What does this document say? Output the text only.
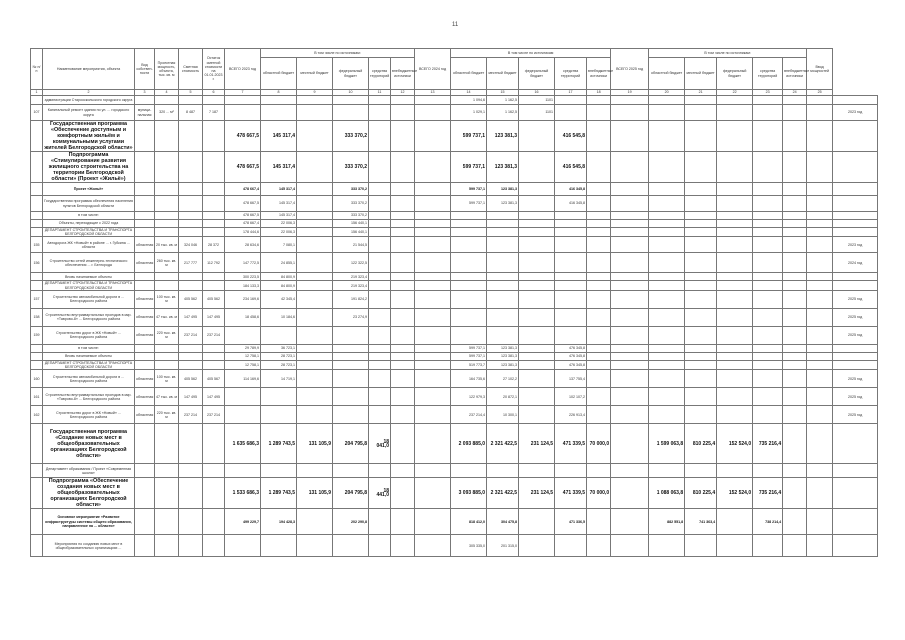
11
№ п/п	Наименование мероприятия, объекта	Вид собствен- ности	Проектная мощность, объекта, тыс. кв. м	Сметная стоимость	Остаток сметной стоимости на 01.01.2023 г.	ВСЕГО 2023 год	В том числе по источникам:					ВСЕГО 2024 год	В том числе по источникам					ВСЕГО 2025 год	В том числе по источникам:					Ввод мощностей	
							областной бюджет	местный бюджет	федеральный бюджет	средства территорий	внебюджетные источники		областной бюджет	местный бюджет	федеральный бюджет	средства территорий	внебюджетные источники		областной бюджет	местный бюджет	федеральный бюджет	средства территорий	внебюджетные источники		
1	2	3	4	5	6	7	8	9	10	11	12	13	14	15	16	17	18	19	20	21	22	23	24	25	
	администрации Старооскольского городского округа												1 094,6	1 162,5	1101										
107	Капитальный ремонт здания по ул. ... городского округа	муници- пальная	320 ... м²	8 487	7 187								1 029,1	1 162,5	1101										2023 год
	Государственная программа «Обеспечение доступным и комфортным жильём и коммунальными услугами жителей Белгородской области»					478 667,5	145 317,4		333 370,2				599 737,1	123 381,3		416 545,8									
	Подпрограмма «Стимулирование развития жилищного строительства на территории Белгородской области» (Проект «Жильё»)					478 667,5	145 317,4		333 370,2				599 737,1	123 381,3		416 545,8									
	Проект «Жильё»					478 667,4	145 317,4		333 370,2				599 737,1	123 381,3		416 345,8									
	Государственная программа обеспечения населения пунктов Белгородской области					478 667,5	145 317,4		333 370,2				599 737,1	123 381,3		416 345,8									
	в том числе:					478 667,5	145 317,4		333 370,2																
	Объекты, переходящие с 2022 года					478 667,4	22 006,3		156 440,1																
	ДЕПАРТАМЕНТ СТРОИТЕЛЬСТВА И ТРАНСПОРТА БЕЛГОРОДСКОЙ ОБЛАСТИ					178 444,6	22 006,3		156 440,1																
155	Автодорога ЖК «Новый» в районе ... г. Губкина ... области	областная	20 тыс. кв. м	324 046	28 372	28 634,6	7 080,1		21 544,5																2023 год
156	Строительство сетей инженерно-технического обеспечения ... г. Белгорода	областная	260 тыс. кв. м	217 777	112 792	147 772,5	24 855,1		122 322,5																2024 год
	Вновь начинаемые объекты					300 223,5	84 800,9		219 323,4																
	ДЕПАРТАМЕНТ СТРОИТЕЛЬСТВА И ТРАНСПОРТА БЕЛГОРОДСКОЙ ОБЛАСТИ					184 133,3	84 800,9		219 323,4																
157	Строительство автомобильной дороги в ... Белгородского района	областная	100 тыс. кв. м	405 562	405 562	234 169,6	42 345,4		191 824,2																2025 год
158	Строительство внутриквартальных проездов в мкр. «Таврово-8» ... Белгородского района	областная	47 тыс. кв. м	147 495	147 495	18 458,6	10 184,6		23 274,9																2025 год
159	Строительство дорог в ЖК «Новый» ... Белгородского района	областная	220 тыс. кв. м	237 214	237 214																				2025 год
	в том числе:					29 789,9	36 723,1						599 737,1	123 381,3		476 345,8									
	Вновь начинаемые объекты					12 758,1	28 723,1						599 737,1	123 381,3		476 345,8									
	ДЕПАРТАМЕНТ СТРОИТЕЛЬСТВА И ТРАНСПОРТА БЕЛГОРОДСКОЙ ОБЛАСТИ					12 758,1	28 723,1						519 773,7	123 381,3		476 345,8									
160	Строительство автомобильной дороги в ... Белгородского района	областная	100 тыс. кв. м	405 562	405 567	114 169,6	14 719,1						164 735,6	27 102,2		137 755,4									2025 год
161	Строительство внутриквартальных проездов в мкр. «Таврово-8» ... Белгородского района	областная	47 тыс. кв. м	147 495	147 495								122 979,3	20 872,1		102 107,2									2025 год
162	Строительство дорог в ЖК «Новый» ... Белгородского района	областная	220 тыс. кв. м	237 214	237 214								237 214,4	10 300,1		226 913,4									2025 год
	Государственная программа «Создание новых мест в общеобразовательных организациях Белгородской области»					1 635 686,3	1 289 743,5	131 105,9	204 795,8	18 041,0			2 093 885,0	2 321 422,5	231 124,5	471 339,5	70 000,0		1 599 063,8	810 225,4	152 524,0	735 216,4			
	Департамент образования / Проект «Современная школа»																								
	Подпрограмма «Обеспечение создания новых мест в общеобразовательных организациях Белгородской области»					1 533 686,3	1 289 743,5	131 105,9	204 795,8	18 441,0			3 093 885,0	2 321 422,5	231 124,5	471 339,5	70 000,0		1 088 063,8	810 225,4	152 524,0	735 216,4			
	Основное мероприятие «Развитие инфраструктуры системы общего образования, направленное на ... области»					499 229,7	194 428,3		202 290,8				818 412,0	304 475,8		471 336,5			882 551,8	741 363,4		738 214,4			
	Мероприятия по созданию новых мест в общеобразовательных организациях ...												305 335,0	201 315,0											
